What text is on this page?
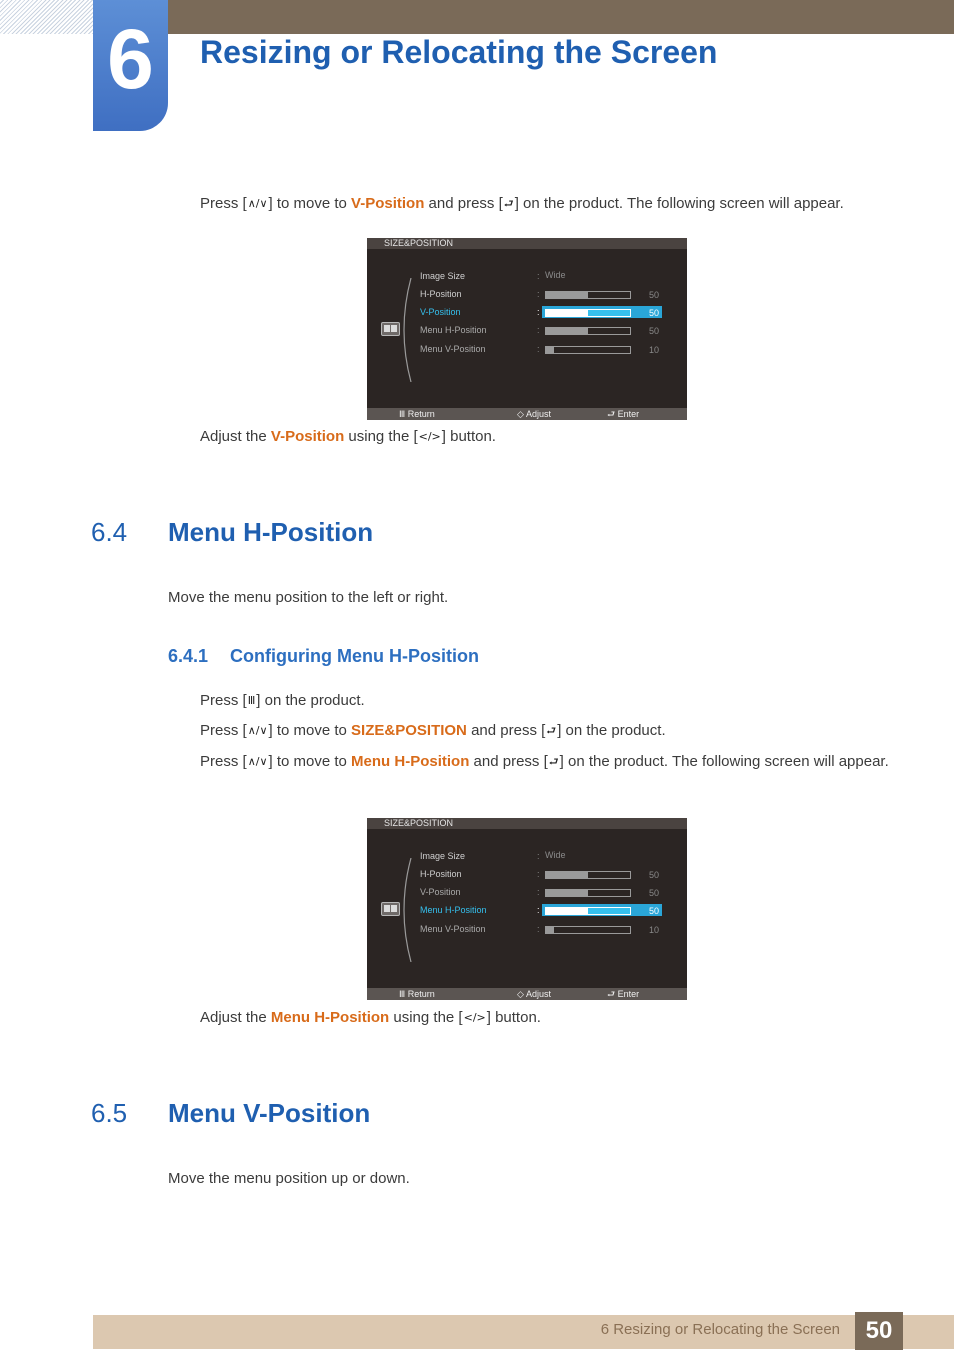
6	Resizing or Relocating the Screen

Press [∧/∨] to move to V-Position and press [⮐] on the product. The following screen will appear.

SIZE&POSITION
Ⅲ Return	◇ Adjust	⮐ Enter
Image Size	: Wide
H-Position	:	50
V-Position	:	50
Menu H-Position	:	50
Menu V-Position	:	10

Adjust the V-Position using the [</>] button.

6.4 Menu H-Position

Move the menu position to the left or right.

6.4.1 Configuring Menu H-Position

Press [Ⅲ] on the product.

Press [∧/∨] to move to SIZE&POSITION and press [⮐] on the product.

Press [∧/∨] to move to Menu H-Position and press [⮐] on the product. The following screen will appear.

SIZE&POSITION
Ⅲ Return	◇ Adjust	⮐ Enter
Image Size	: Wide
H-Position	:	50
V-Position	:	50
Menu H-Position	:	50
Menu V-Position	:	10

Adjust the Menu H-Position using the [</>] button.

6.5 Menu V-Position

Move the menu position up or down.

6 Resizing or Relocating the Screen	50
